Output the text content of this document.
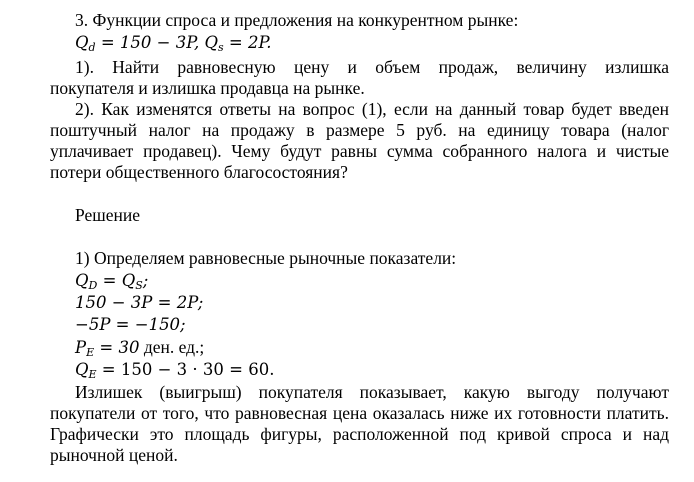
3. Функции спроса и предложения на конкурентном рынке:
$Q_d = 150 - 3P$, $Q_s = 2P$.
1). Найти равновесную цену и объем продаж, величину излишка
покупателя и излишка продавца на рынке.
2). Как изменятся ответы на вопрос (1), если на данный товар будет введен
поштучный налог на продажу в размере 5 руб. на единицу товара (налог
уплачивает продавец). Чему будут равны сумма собранного налога и чистые
потери общественного благосостояния?
Решение
1) Определяем равновесные рыночные показатели:
$Q_D = Q_S$;
150 − 3P = 2P;
−5P = −150;
$P_E = 30$ ден. ед.;
$Q_E = 150 - 3 \cdot 30 = 60$.
Излишек (выигрыш) покупателя показывает, какую выгоду получают
покупатели от того, что равновесная цена оказалась ниже их готовности платить.
Графически это площадь фигуры, расположенной под кривой спроса и над
рыночной ценой.
